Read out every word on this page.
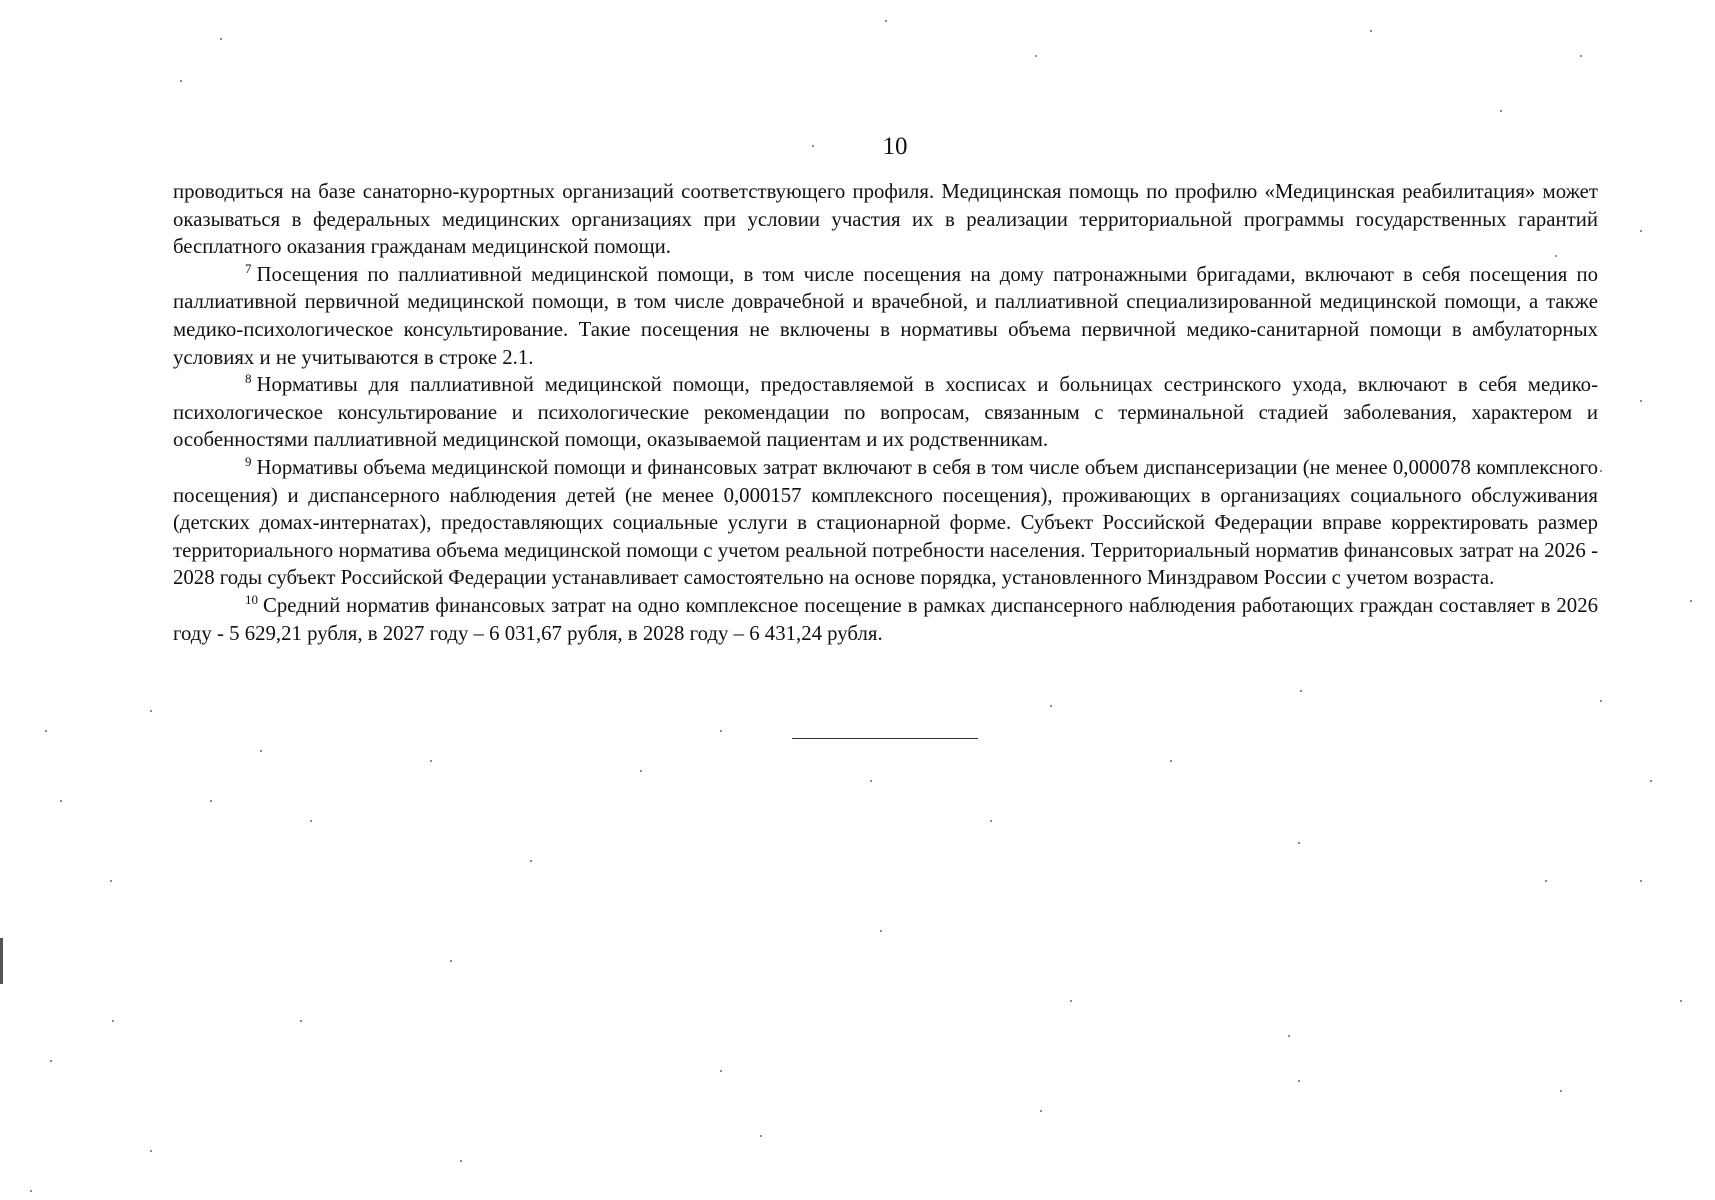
10

проводиться на базе санаторно-курортных организаций соответствующего профиля. Медицинская помощь по профилю «Медицинская реабилитация» может оказываться в федеральных медицинских организациях при условии участия их в реализации территориальной программы государственных гарантий бесплатного оказания гражданам медицинской помощи.

$^7$ Посещения по паллиативной медицинской помощи, в том числе посещения на дому патронажными бригадами, включают в себя посещения по паллиативной первичной медицинской помощи, в том числе доврачебной и врачебной, и паллиативной специализированной медицинской помощи, а также медико-психологическое консультирование. Такие посещения не включены в нормативы объема первичной медико-санитарной помощи в амбулаторных условиях и не учитываются в строке 2.1.

$^8$ Нормативы для паллиативной медицинской помощи, предоставляемой в хосписах и больницах сестринского ухода, включают в себя медико-психологическое консультирование и психологические рекомендации по вопросам, связанным с терминальной стадией заболевания, характером и особенностями паллиативной медицинской помощи, оказываемой пациентам и их родственникам.

$^9$ Нормативы объема медицинской помощи и финансовых затрат включают в себя в том числе объем диспансеризации (не менее 0,000078 комплексного посещения) и диспансерного наблюдения детей (не менее 0,000157 комплексного посещения), проживающих в организациях социального обслуживания (детских домах-интернатах), предоставляющих социальные услуги в стационарной форме. Субъект Российской Федерации вправе корректировать размер территориального норматива объема медицинской помощи с учетом реальной потребности населения. Территориальный норматив финансовых затрат на 2026 - 2028 годы субъект Российской Федерации устанавливает самостоятельно на основе порядка, установленного Минздравом России с учетом возраста.

$^{10}$ Средний норматив финансовых затрат на одно комплексное посещение в рамках диспансерного наблюдения работающих граждан составляет в 2026 году - 5 629,21 рубля, в 2027 году – 6 031,67 рубля, в 2028 году – 6 431,24 рубля.
